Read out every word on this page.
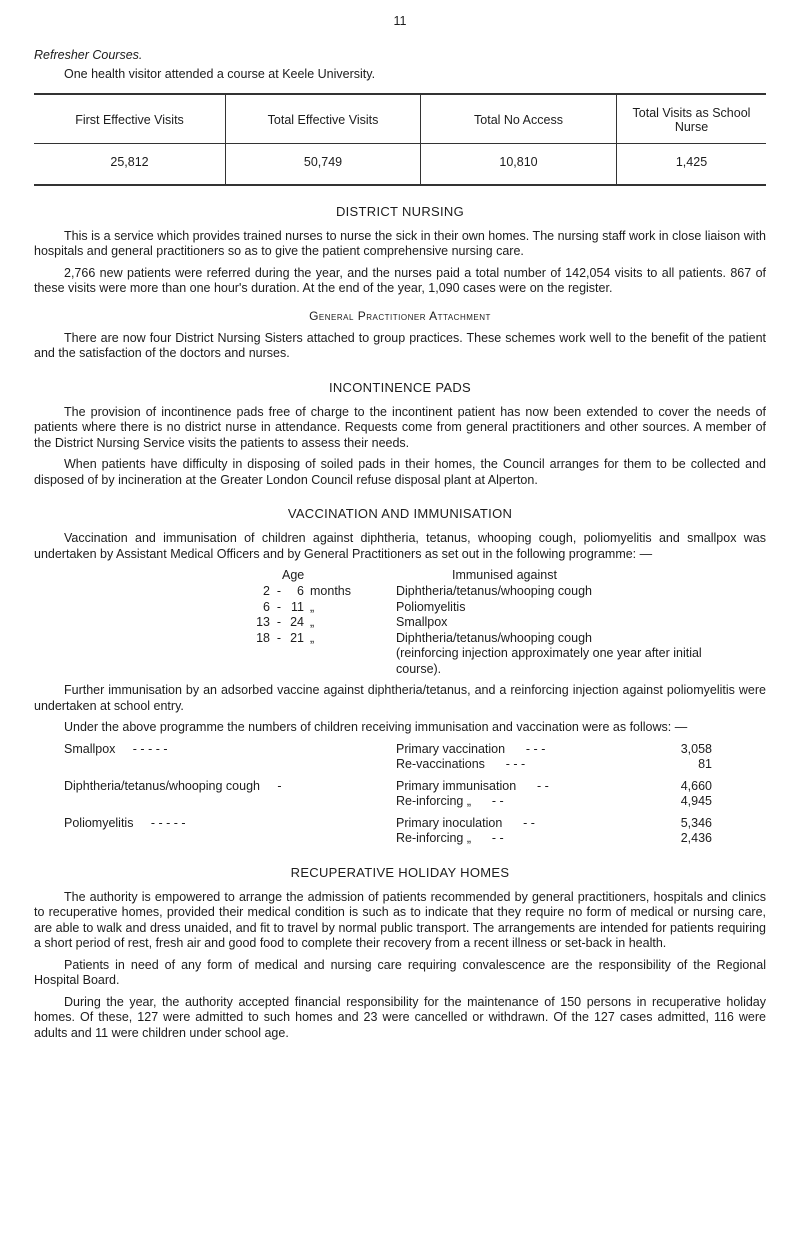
11
Refresher Courses.

One health visitor attended a course at Keele University.

First Effective Visits	Total Effective Visits	Total No Access	Total Visits as School Nurse
25,812	50,749	10,810	1,425
DISTRICT NURSING

This is a service which provides trained nurses to nurse the sick in their own homes. The nursing staff work in close liaison with hospitals and general practitioners so as to give the patient comprehensive nursing care.

2,766 new patients were referred during the year, and the nurses paid a total number of 142,054 visits to all patients. 867 of these visits were more than one hour's duration. At the end of the year, 1,090 cases were on the register.

General Practitioner Attachment

There are now four District Nursing Sisters attached to group practices. These schemes work well to the benefit of the patient and the satisfaction of the doctors and nurses.

INCONTINENCE PADS

The provision of incontinence pads free of charge to the incontinent patient has now been extended to cover the needs of patients where there is no district nurse in attendance. Requests come from general practitioners and other sources. A member of the District Nursing Service visits the patients to assess their needs.

When patients have difficulty in disposing of soiled pads in their homes, the Council arranges for them to be collected and disposed of by incineration at the Greater London Council refuse disposal plant at Alperton.

VACCINATION AND IMMUNISATION

Vaccination and immunisation of children against diphtheria, tetanus, whooping cough, poliomyelitis and smallpox was undertaken by Assistant Medical Officers and by General Practitioners as set out in the following programme: —

Age	Immunised against
2 - 6 months	Diphtheria/tetanus/whooping cough
6 - 11 „	Poliomyelitis
13 - 24 „	Smallpox
18 - 21 „	Diphtheria/tetanus/whooping cough
(reinforcing injection approximately one year after initial course).

Further immunisation by an adsorbed vaccine against diphtheria/tetanus, and a reinforcing injection against poliomyelitis were undertaken at school entry.

Under the above programme the numbers of children receiving immunisation and vaccination were as follows: —

Smallpox - - - - -	Primary vaccination - - -	3,058
Re-vaccinations - - -	81
Diphtheria/tetanus/whooping cough -	Primary immunisation - -	4,660
Re-inforcing „ - -	4,945
Poliomyelitis - - - - -	Primary inoculation - -	5,346
Re-inforcing „ - -	2,436
RECUPERATIVE HOLIDAY HOMES

The authority is empowered to arrange the admission of patients recommended by general practitioners, hospitals and clinics to recuperative homes, provided their medical condition is such as to indicate that they require no form of medical or nursing care, are able to walk and dress unaided, and fit to travel by normal public transport. The arrangements are intended for patients requiring a short period of rest, fresh air and good food to complete their recovery from a recent illness or set-back in health.

Patients in need of any form of medical and nursing care requiring convalescence are the responsibility of the Regional Hospital Board.

During the year, the authority accepted financial responsibility for the maintenance of 150 persons in recuperative holiday homes. Of these, 127 were admitted to such homes and 23 were cancelled or withdrawn. Of the 127 cases admitted, 116 were adults and 11 were children under school age.
